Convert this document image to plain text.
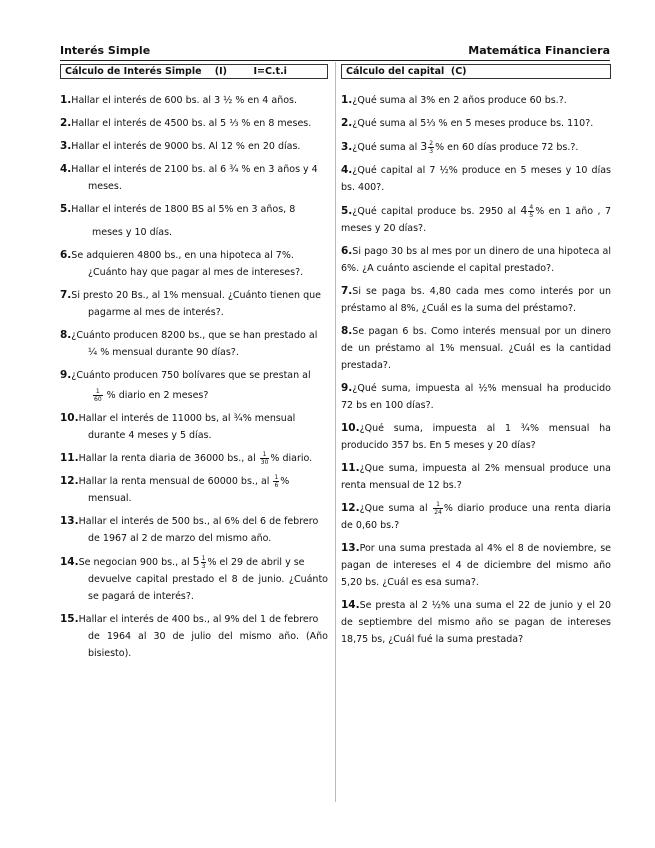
Interés Simple	Matemática Financiera
Cálculo de Interés Simple    (I)        I=C.t.i
1.Hallar el interés de 600 bs. al 3 ½ % en 4 años.
2.Hallar el interés de 4500 bs. al 5 ⅓ % en 8 meses.
3.Hallar el interés de 9000 bs. Al 12 % en 20 días.
4.Hallar el interés de 2100 bs. al 6 ¾ % en 3 años y 4
meses.
5.Hallar el interés de 1800 BS al 5% en 3 años, 8
meses y 10 días.
6.Se adquieren 4800 bs., en una hipoteca al 7%.
¿Cuánto hay que pagar al mes de intereses?.
7.Si presto 20 Bs., al 1% mensual. ¿Cuánto tienen que
pagarme al mes de interés?.
8.¿Cuánto producen 8200 bs., que se han prestado al
¼ % mensual durante 90 días?.
9.¿Cuánto producen 750 bolívares que se prestan al
$\frac{1}{60}$ % diario en 2 meses?
10.Hallar el interés de 11000 bs, al ¾% mensual
durante 4 meses y 5 días.
11.Hallar la renta diaria de 36000 bs., al $\frac{1}{30}$ % diario.
12.Hallar la renta mensual de 60000 bs., al $\frac{1}{6}$ %
mensual.
13.Hallar el interés de 500 bs., al 6% del 6 de febrero
de 1967 al 2 de marzo del mismo año.
14.Se negocian 900 bs., al $5 \frac{1}{3}$ % el 29 de abril y se
devuelve capital prestado el 8 de junio. ¿Cuánto se pagará de interés?.
15.Hallar el interés de 400 bs., al 9% del 1 de febrero
de 1964 al 30 de julio del mismo año. (Año bisiesto).
Cálculo del capital  (C)
1.¿Qué suma al 3% en 2 años produce 60 bs.?.
2.¿Qué suma al 5⅓ % en 5 meses produce bs. 110?.
3.¿Qué suma al $3 \frac{2}{3}$ % en 60 días produce 72 bs.?.
4.¿Qué capital al 7 ½% produce en 5 meses y 10 días bs. 400?.
5.¿Qué capital produce bs. 2950 al $4 \frac{4}{5}$ % en 1 año , 7 meses y 20 días?.
6.Si pago 30 bs al mes por un dinero de una hipoteca al 6%. ¿A cuánto asciende el capital prestado?.
7.Si se paga bs. 4,80 cada mes como interés por un préstamo al 8%, ¿Cuál es la suma del préstamo?.
8.Se pagan 6 bs. Como interés mensual por un dinero de un préstamo al 1% mensual. ¿Cuál es la cantidad prestada?.
9.¿Qué suma, impuesta al ½% mensual ha producido 72 bs en 100 días?.
10.¿Qué suma, impuesta al 1 ¾% mensual ha producido 357 bs. En 5 meses y 20 días?
11.¿Que suma, impuesta al 2% mensual produce una renta mensual de 12 bs.?
12.¿Que suma al $\frac{1}{24}$ % diario produce una renta diaria de 0,60 bs.?
13.Por una suma prestada al 4% el 8 de noviembre, se pagan de intereses el 4 de diciembre del mismo año 5,20 bs. ¿Cuál es esa suma?.
14.Se presta al 2 ½% una suma el 22 de junio y el 20 de septiembre del mismo año se pagan de intereses 18,75 bs, ¿Cuál fué la suma prestada?
